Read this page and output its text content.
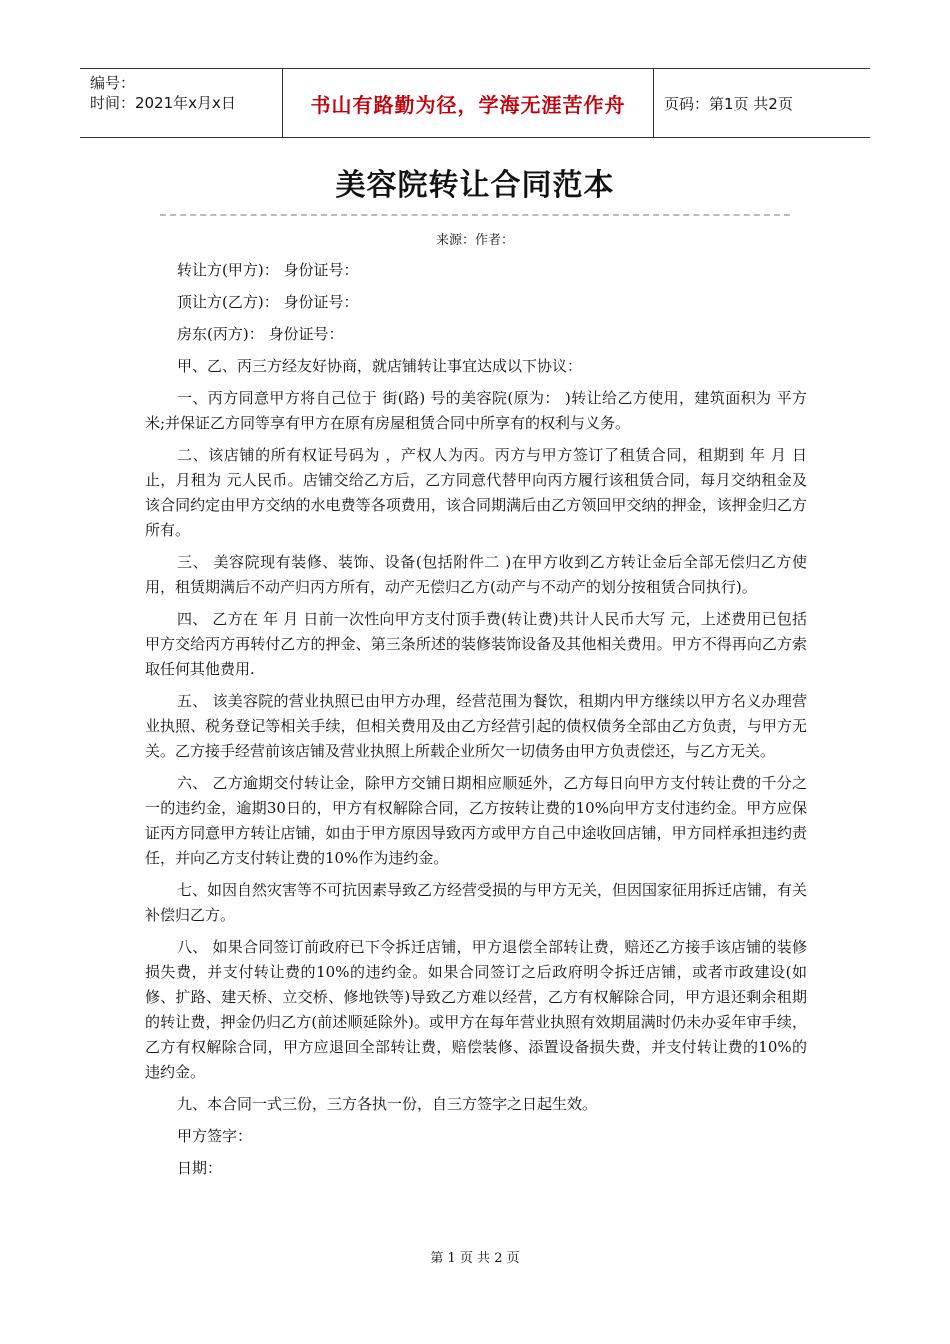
编号：
时间：2021年x月x日	书山有路勤为径，学海无涯苦作舟	页码：第1页 共2页
美容院转让合同范本
来源：作者：

转让方(甲方)： 身份证号：

顶让方(乙方)： 身份证号：

房东(丙方)： 身份证号：

甲、乙、丙三方经友好协商，就店铺转让事宜达成以下协议：

一、丙方同意甲方将自己位于 街(路) 号的美容院(原为： )转让给乙方使用，建筑面积为 平方米;并保证乙方同等享有甲方在原有房屋租赁合同中所享有的权利与义务。

二、该店铺的所有权证号码为 ，产权人为丙。丙方与甲方签订了租赁合同，租期到 年 月 日止，月租为 元人民币。店铺交给乙方后，乙方同意代替甲向丙方履行该租赁合同，每月交纳租金及该合同约定由甲方交纳的水电费等各项费用，该合同期满后由乙方领回甲交纳的押金，该押金归乙方所有。

三、 美容院现有装修、装饰、设备(包括附件二 )在甲方收到乙方转让金后全部无偿归乙方使用，租赁期满后不动产归丙方所有，动产无偿归乙方(动产与不动产的划分按租赁合同执行)。

四、 乙方在 年 月 日前一次性向甲方支付顶手费(转让费)共计人民币大写 元，上述费用已包括甲方交给丙方再转付乙方的押金、第三条所述的装修装饰设备及其他相关费用。甲方不得再向乙方索取任何其他费用.

五、 该美容院的营业执照已由甲方办理，经营范围为餐饮，租期内甲方继续以甲方名义办理营业执照、税务登记等相关手续，但相关费用及由乙方经营引起的债权债务全部由乙方负责，与甲方无关。乙方接手经营前该店铺及营业执照上所载企业所欠一切债务由甲方负责偿还，与乙方无关。

六、 乙方逾期交付转让金，除甲方交铺日期相应顺延外，乙方每日向甲方支付转让费的千分之一的违约金，逾期30日的，甲方有权解除合同，乙方按转让费的10%向甲方支付违约金。甲方应保证丙方同意甲方转让店铺，如由于甲方原因导致丙方或甲方自己中途收回店铺，甲方同样承担违约责任，并向乙方支付转让费的10%作为违约金。

七、如因自然灾害等不可抗因素导致乙方经营受损的与甲方无关，但因国家征用拆迁店铺，有关补偿归乙方。

八、 如果合同签订前政府已下令拆迁店铺，甲方退偿全部转让费，赔还乙方接手该店铺的装修损失费，并支付转让费的10%的违约金。如果合同签订之后政府明令拆迁店铺，或者市政建设(如修、扩路、建天桥、立交桥、修地铁等)导致乙方难以经营，乙方有权解除合同，甲方退还剩余租期的转让费，押金仍归乙方(前述顺延除外)。或甲方在每年营业执照有效期届满时仍未办妥年审手续，乙方有权解除合同，甲方应退回全部转让费，赔偿装修、添置设备损失费，并支付转让费的10%的违约金。

九、本合同一式三份，三方各执一份，自三方签字之日起生效。

甲方签字：

日期：

第 1 页 共 2 页
